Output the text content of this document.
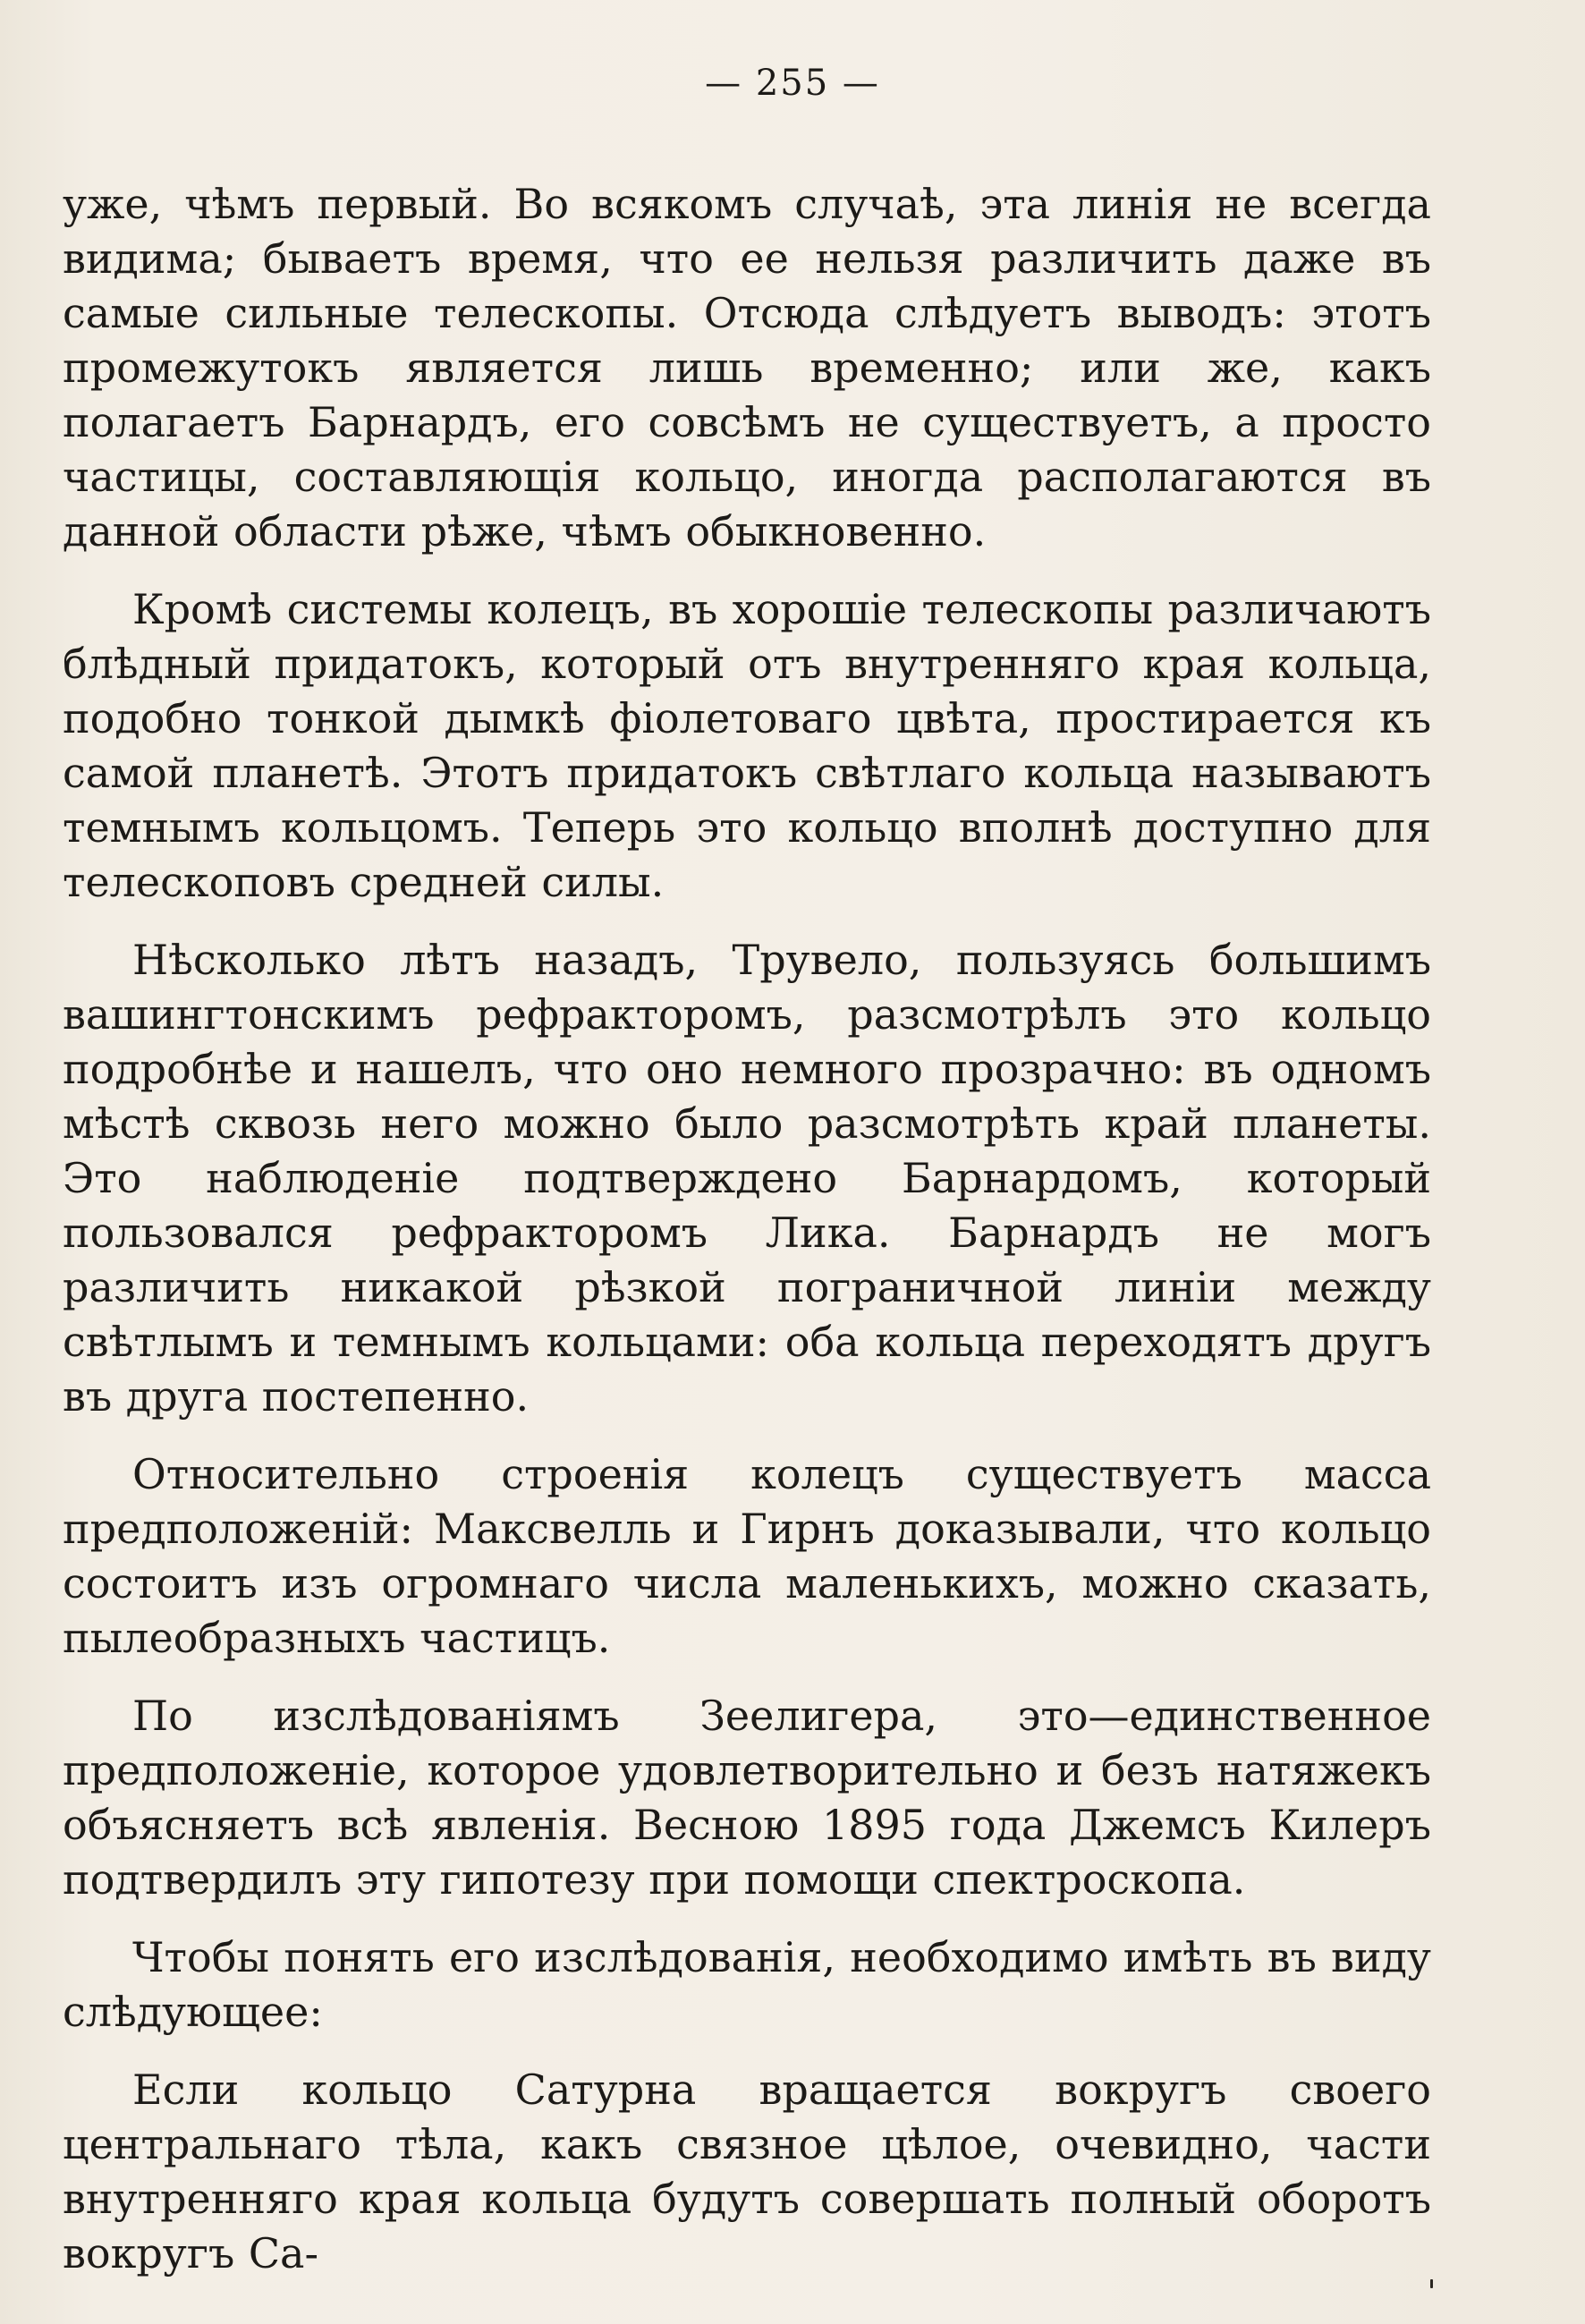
— 255 —

уже, чѣмъ первый. Во всякомъ случаѣ, эта линія не всегда видима; бываетъ время, что ее нельзя различить даже въ самые сильные телескопы. Отсюда слѣдуетъ выводъ: этотъ промежутокъ является лишь временно; или же, какъ полагаетъ Барнардъ, его совсѣмъ не существуетъ, а просто частицы, составляющія кольцо, иногда располагаются въ данной области рѣже, чѣмъ обыкновенно.

Кромѣ системы колецъ, въ хорошіе телескопы различаютъ блѣдный придатокъ, который отъ внутренняго края кольца, подобно тонкой дымкѣ фіолетоваго цвѣта, простирается къ самой планетѣ. Этотъ придатокъ свѣтлаго кольца называютъ темнымъ кольцомъ. Теперь это кольцо вполнѣ доступно для телескоповъ средней силы.

Нѣсколько лѣтъ назадъ, Трувело, пользуясь большимъ вашингтонскимъ рефракторомъ, разсмотрѣлъ это кольцо подробнѣе и нашелъ, что оно немного прозрачно: въ одномъ мѣстѣ сквозь него можно было разсмотрѣть край планеты. Это наблюденіе подтверждено Барнардомъ, который пользовался рефракторомъ Лика. Барнардъ не могъ различить никакой рѣзкой пограничной линіи между свѣтлымъ и темнымъ кольцами: оба кольца переходятъ другъ въ друга постепенно.

Относительно строенія колецъ существуетъ масса предположеній: Максвелль и Гирнъ доказывали, что кольцо состоитъ изъ огромнаго числа маленькихъ, можно сказать, пылеобразныхъ частицъ.

По изслѣдованіямъ Зеелигера, это—единственное предположеніе, которое удовлетворительно и безъ натяжекъ объясняетъ всѣ явленія. Весною 1895 года Джемсъ Килеръ подтвердилъ эту гипотезу при помощи спектроскопа.

Чтобы понять его изслѣдованія, необходимо имѣть въ виду слѣдующее:

Если кольцо Сатурна вращается вокругъ своего центральнаго тѣла, какъ связное цѣлое, очевидно, части внутренняго края кольца будутъ совершать полный оборотъ вокругъ Са-
